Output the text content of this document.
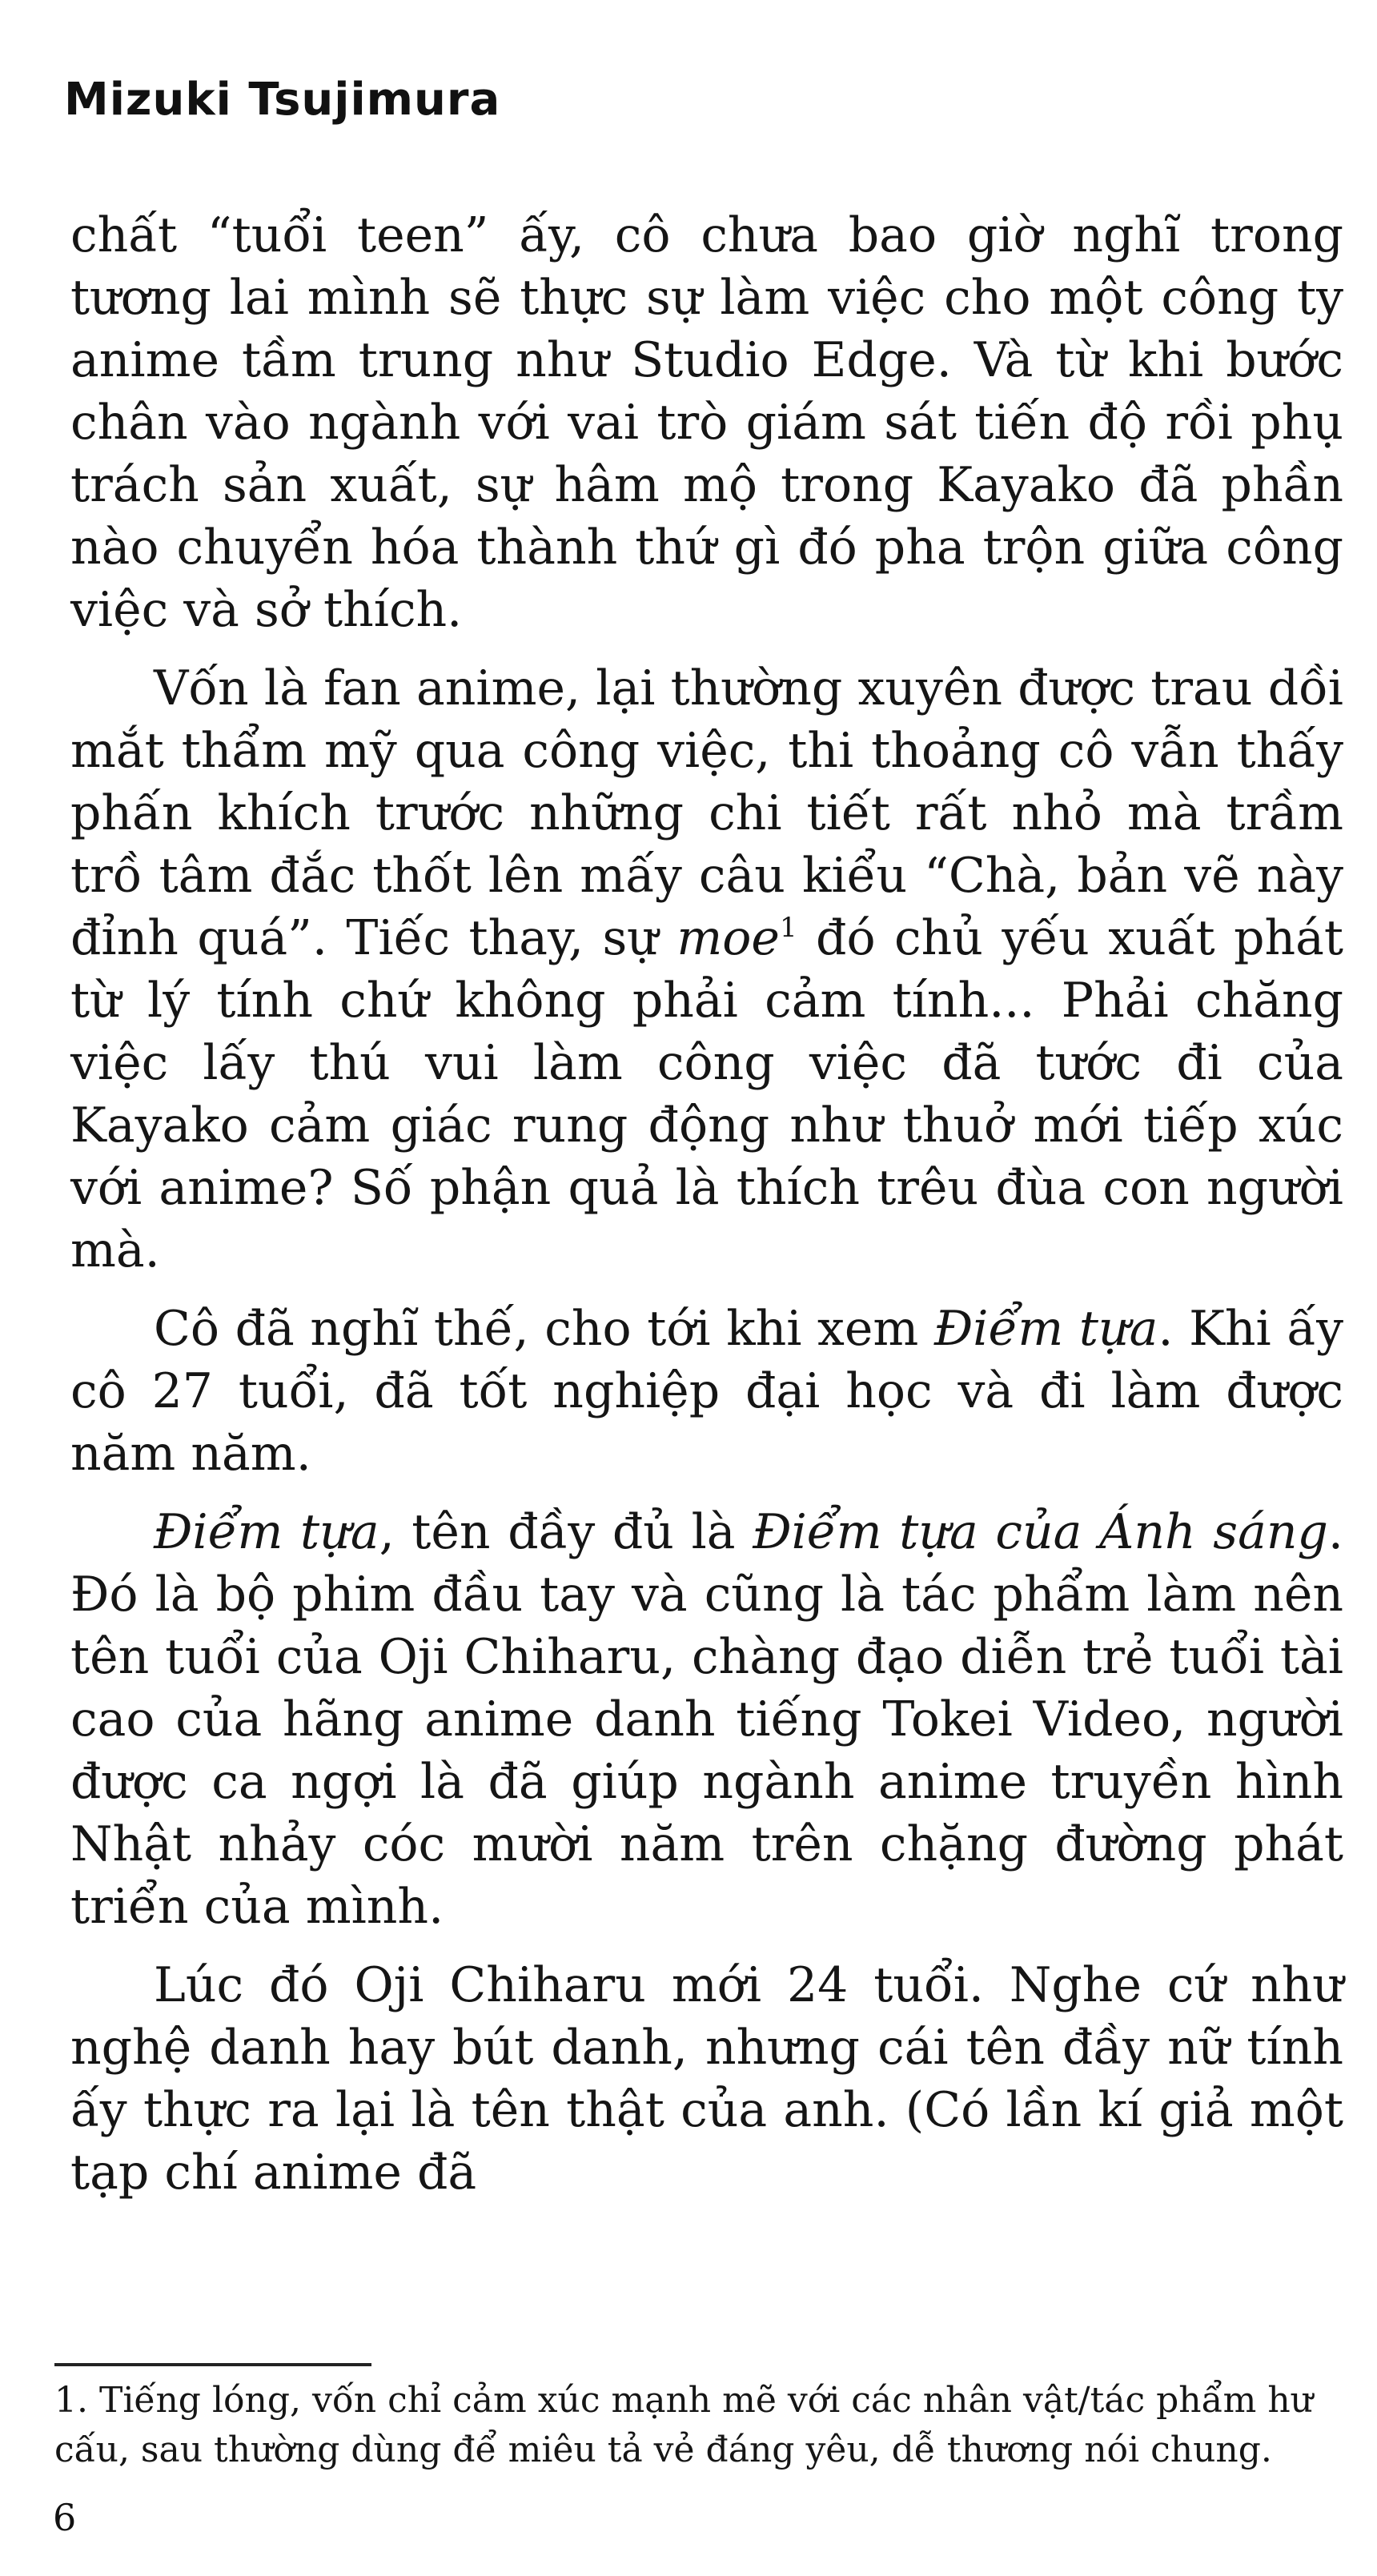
Mizuki Tsujimura

chất “tuổi teen” ấy, cô chưa bao giờ nghĩ trong tương lai mình sẽ thực sự làm việc cho một công ty anime tầm trung như Studio Edge. Và từ khi bước chân vào ngành với vai trò giám sát tiến độ rồi phụ trách sản xuất, sự hâm mộ trong Kayako đã phần nào chuyển hóa thành thứ gì đó pha trộn giữa công việc và sở thích.

Vốn là fan anime, lại thường xuyên được trau dồi mắt thẩm mỹ qua công việc, thi thoảng cô vẫn thấy phấn khích trước những chi tiết rất nhỏ mà trầm trồ tâm đắc thốt lên mấy câu kiểu “Chà, bản vẽ này đỉnh quá”. Tiếc thay, sự moe$^1$ đó chủ yếu xuất phát từ lý tính chứ không phải cảm tính... Phải chăng việc lấy thú vui làm công việc đã tước đi của Kayako cảm giác rung động như thuở mới tiếp xúc với anime? Số phận quả là thích trêu đùa con người mà.

Cô đã nghĩ thế, cho tới khi xem Điểm tựa. Khi ấy cô 27 tuổi, đã tốt nghiệp đại học và đi làm được năm năm.

Điểm tựa, tên đầy đủ là Điểm tựa của Ánh sáng. Đó là bộ phim đầu tay và cũng là tác phẩm làm nên tên tuổi của Oji Chiharu, chàng đạo diễn trẻ tuổi tài cao của hãng anime danh tiếng Tokei Video, người được ca ngợi là đã giúp ngành anime truyền hình Nhật nhảy cóc mười năm trên chặng đường phát triển của mình.

Lúc đó Oji Chiharu mới 24 tuổi. Nghe cứ như nghệ danh hay bút danh, nhưng cái tên đầy nữ tính ấy thực ra lại là tên thật của anh. (Có lần kí giả một tạp chí anime đã

1. Tiếng lóng, vốn chỉ cảm xúc mạnh mẽ với các nhân vật/tác phẩm hư cấu, sau thường dùng để miêu tả vẻ đáng yêu, dễ thương nói chung.
6
